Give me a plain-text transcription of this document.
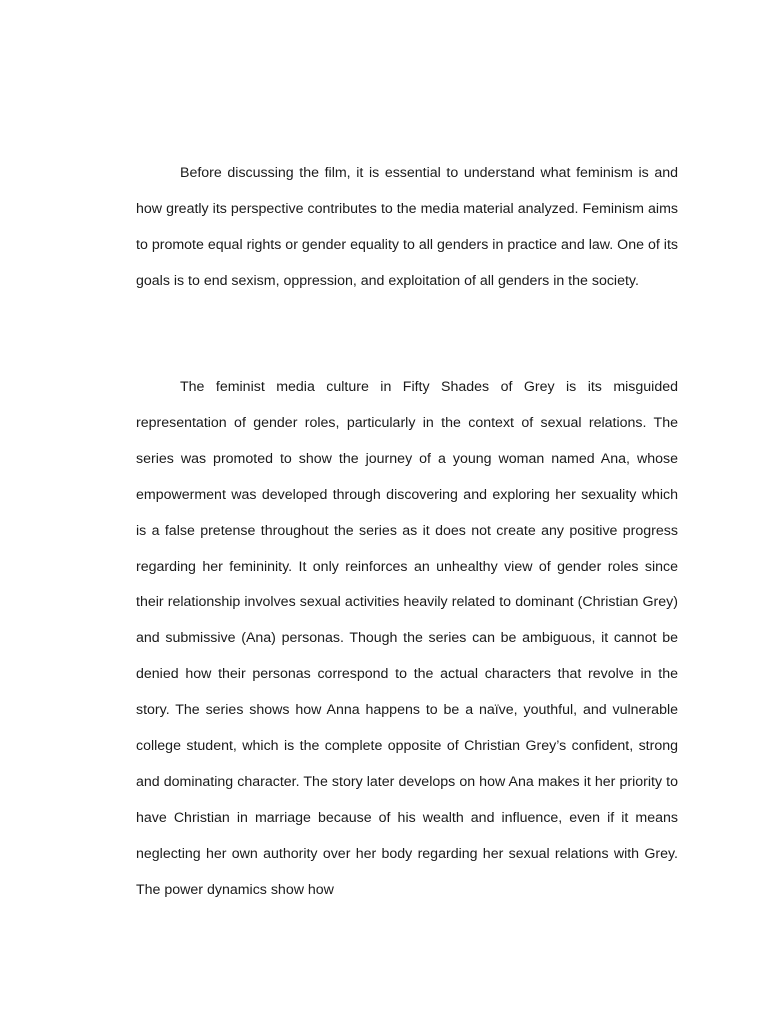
Before discussing the film, it is essential to understand what feminism is and how greatly its perspective contributes to the media material analyzed. Feminism aims to promote equal rights or gender equality to all genders in practice and law. One of its goals is to end sexism, oppression, and exploitation of all genders in the society.

The feminist media culture in Fifty Shades of Grey is its misguided representation of gender roles, particularly in the context of sexual relations. The series was promoted to show the journey of a young woman named Ana, whose empowerment was developed through discovering and exploring her sexuality which is a false pretense throughout the series as it does not create any positive progress regarding her femininity. It only reinforces an unhealthy view of gender roles since their relationship involves sexual activities heavily related to dominant (Christian Grey) and submissive (Ana) personas. Though the series can be ambiguous, it cannot be denied how their personas correspond to the actual characters that revolve in the story. The series shows how Anna happens to be a naïve, youthful, and vulnerable college student, which is the complete opposite of Christian Grey’s confident, strong and dominating character. The story later develops on how Ana makes it her priority to have Christian in marriage because of his wealth and influence, even if it means neglecting her own authority over her body regarding her sexual relations with Grey. The power dynamics show how
